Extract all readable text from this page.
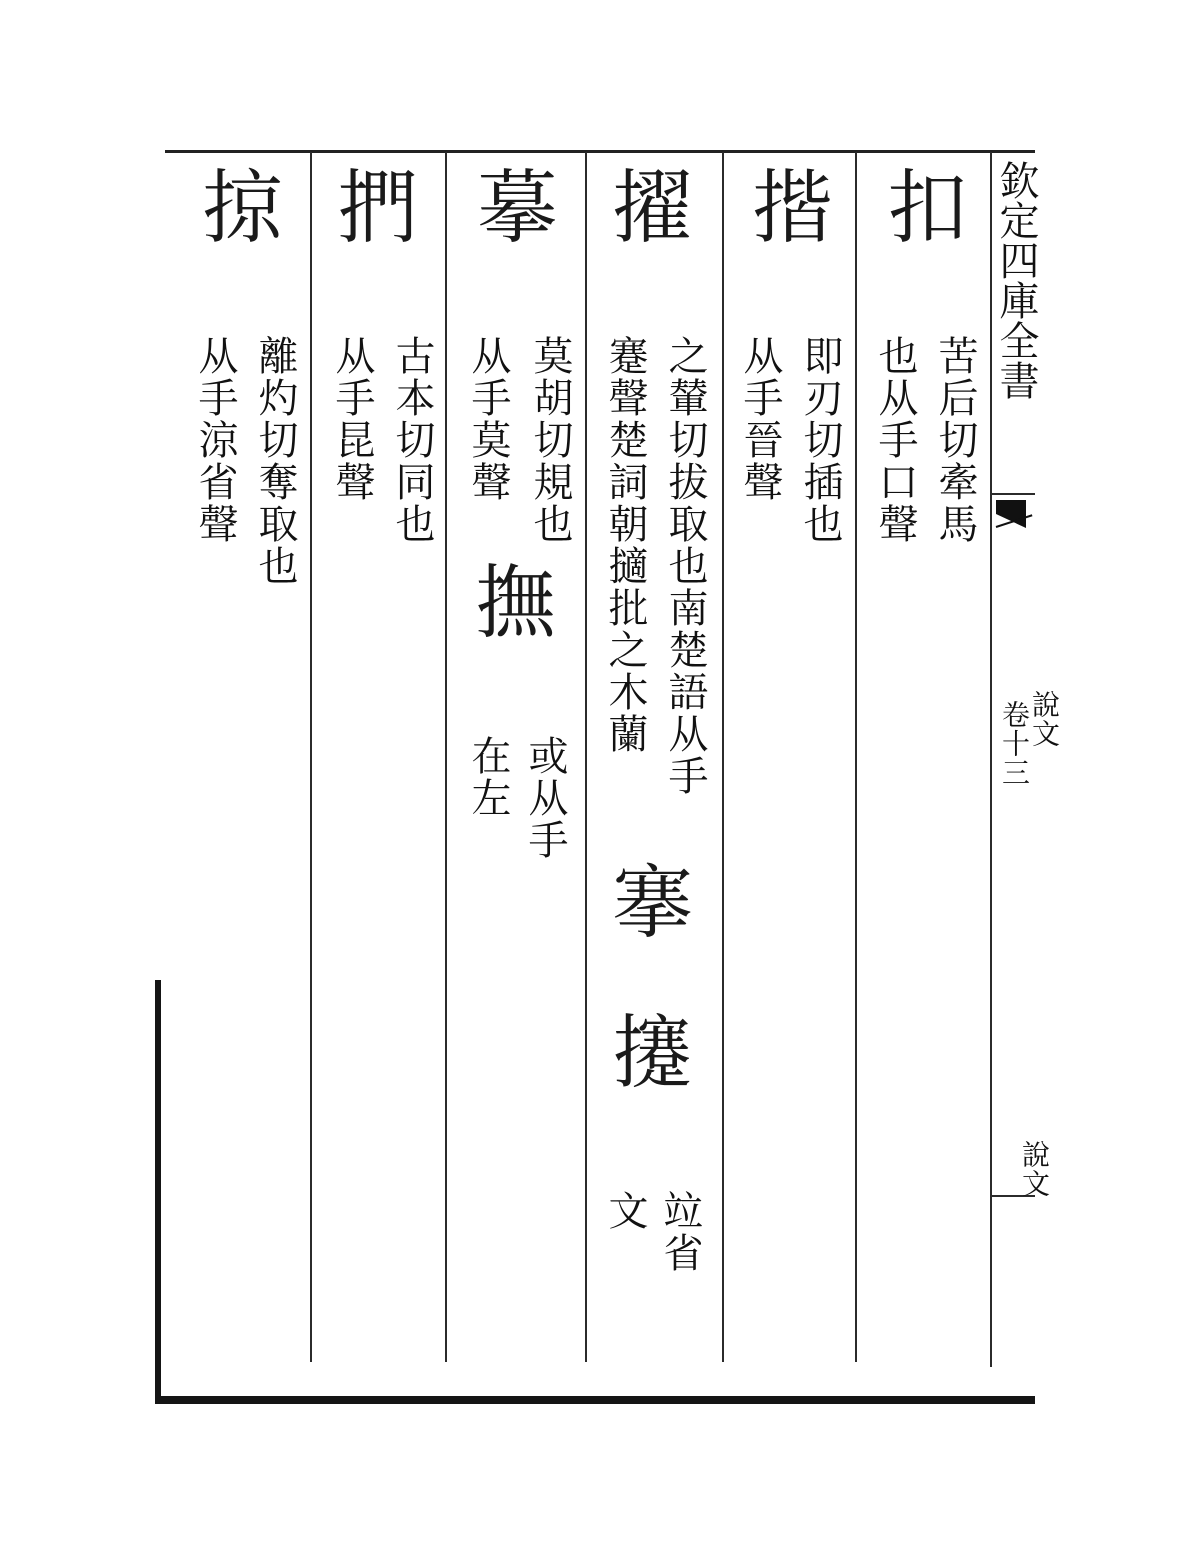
欽定四庫全書
卷十三
說文
說文
扣
苦后切牽馬
也从手口聲
揩
即刃切插也
从手晉聲
擢
之輦切拔取也南楚語从手
蹇聲楚詞朝擿批之木蘭
搴
攓
竝省
文
摹
莫胡切規也
从手莫聲
撫
或从手
在左
捫
古本切同也
从手昆聲
掠
離灼切奪取也
从手涼省聲
